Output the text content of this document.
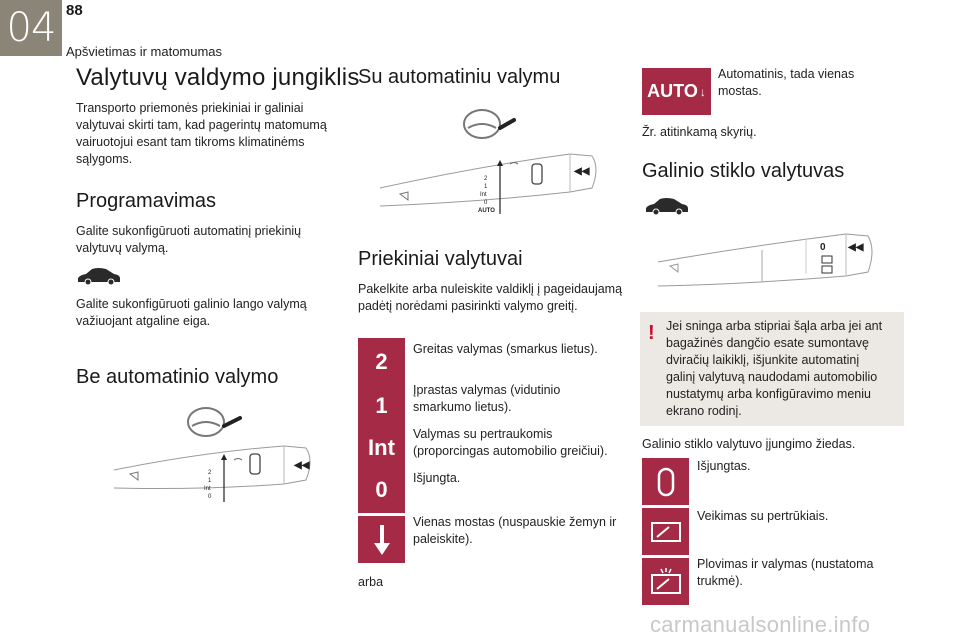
04 88
Apšvietimas ir matomumas
Valytuvų valdymo jungiklis
Transporto priemonės priekiniai ir galiniai
valytuvai skirti tam, kad pagerintų matomumą
vairuotojui esant tam tikroms klimatinėms
sąlygoms.
Programavimas
Galite sukonfigūruoti automatinį priekinių
valytuvų valymą.
Galite sukonfigūruoti galinio lango valymą
važiuojant atgaline eiga.
Be automatinio valymo
◀◀
2
1
Int
0
Su automatiniu valymu
◀◀
2
1
Int
0
AUTO
Priekiniai valytuvai
Pakelkite arba nuleiskite valdiklį į pageidaujamą
padėtį norėdami pasirinkti valymo greitį.
2	Greitas valymas (smarkus lietus).
1
Įprastas valymas (vidutinio
smarkumo lietus).
Int
Valymas su pertraukomis
(proporcingas automobilio greičiui).
0	Išjungta.
Vienas mostas (nuspauskie žemyn ir
paleiskite).
arba
AUTO ↓
Automatinis, tada vienas
mostas.
Žr. atitinkamą skyrių.
Galinio stiklo valytuvas
◀◀
0
! Jei sninga arba stipriai šąla arba jei ant
bagažinės dangčio esate sumontavę
dviračių laikiklį, išjunkite automatinį
galinį valytuvą naudodami automobilio
nustatymų arba konfigūravimo meniu
ekrano rodinį.
Galinio stiklo valytuvo įjungimo žiedas.
Išjungtas.
Veikimas su pertrūkiais.
Plovimas ir valymas (nustatoma
trukmė).
carmanualsonline.info
